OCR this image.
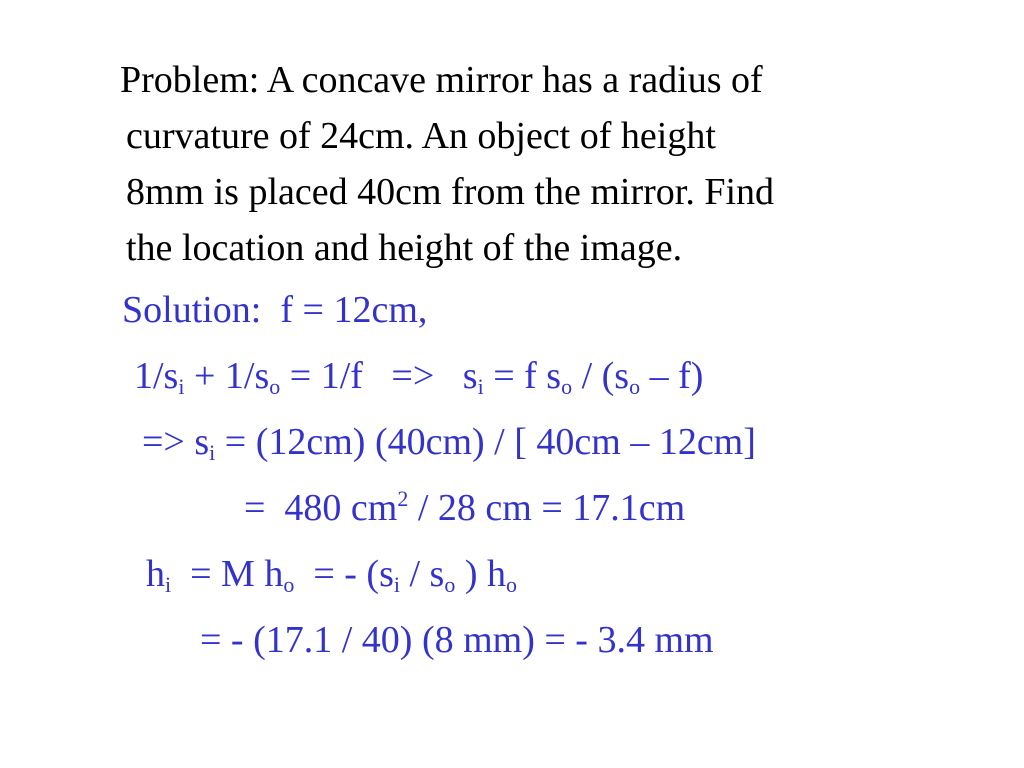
Problem: A concave mirror has a radius of
curvature of 24cm. An object of height
8mm is placed 40cm from the mirror. Find
the location and height of the image.
Solution:  f = 12cm,
$1/s_i + 1/s_o = 1/f => s_i = f$ $s_o / (s_o - f)$
=> $s_i = (12cm)$ (40cm) / [ 40cm – 12cm]
=  480 $cm^2 / 28$ cm = 17.1cm
$h_i = M$ $h_o$  = - ($s_i / s_o$ ) $h_o$
= - (17.1 / 40) (8 mm) = - 3.4 mm
